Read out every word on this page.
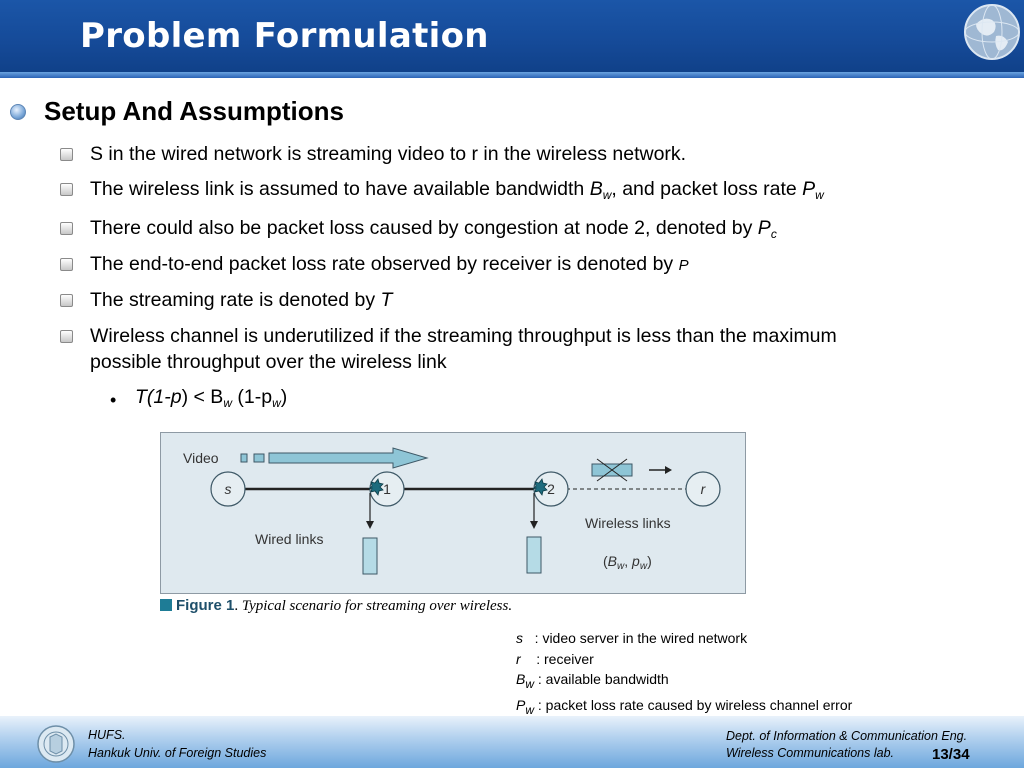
Problem Formulation
Setup And Assumptions
S in the wired network is streaming video to r in the wireless network.
The wireless link is assumed to have available bandwidth $B_w$, and packet loss rate $P_w$
There could also be packet loss caused by congestion at node 2, denoted by $P_c$
The end-to-end packet loss rate observed by receiver is denoted by P
The streaming rate is denoted by T
Wireless channel is underutilized if the streaming throughput is less than the maximum
possible throughput over the wireless link
• $T(1-p) < B_w$ $(1-p_w)$
Video
s	1	2	r
Wired links
Wireless links
($B_w$, $p_w$)
Figure 1. Typical scenario for streaming over wireless.
s : video server in the wired network
r : receiver
$B_w$ : available bandwidth
$P_w$ : packet loss rate caused by wireless channel error
HUFS.
Hankuk Univ. of Foreign Studies
Dept. of Information & Communication Eng.
Wireless Communications lab.	13/34
